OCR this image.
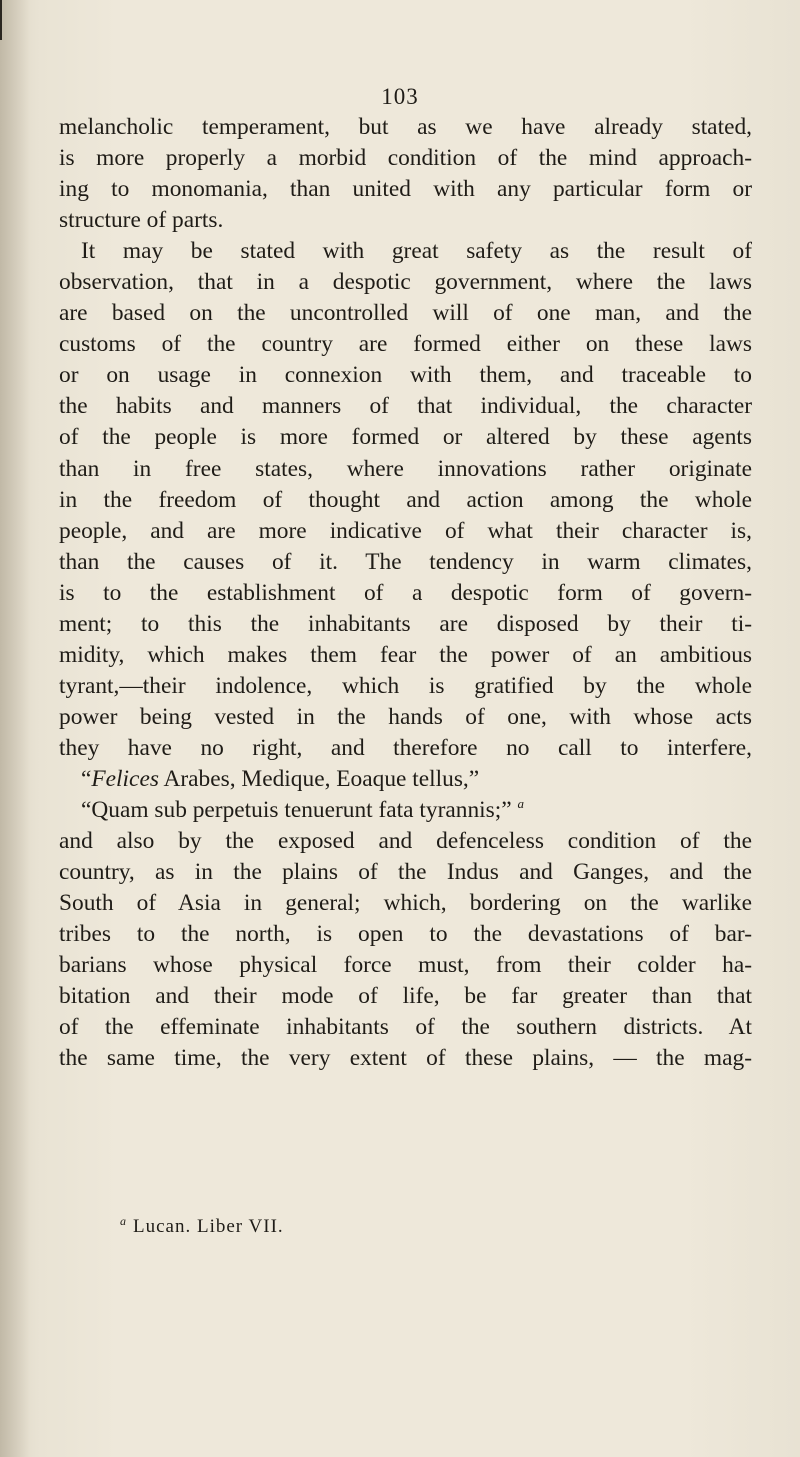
103
melancholic temperament, but as we have already stated,
is more properly a morbid condition of the mind approach-
ing to monomania, than united with any particular form or
structure of parts.
It may be stated with great safety as the result of
observation, that in a despotic government, where the laws
are based on the uncontrolled will of one man, and the
customs of the country are formed either on these laws
or on usage in connexion with them, and traceable to
the habits and manners of that individual, the character
of the people is more formed or altered by these agents
than in free states, where innovations rather originate
in the freedom of thought and action among the whole
people, and are more indicative of what their character is,
than the causes of it. The tendency in warm climates,
is to the establishment of a despotic form of govern-
ment; to this the inhabitants are disposed by their ti-
midity, which makes them fear the power of an ambitious
tyrant,—their indolence, which is gratified by the whole
power being vested in the hands of one, with whose acts
they have no right, and therefore no call to interfere,
“Felices Arabes, Medique, Eoaque tellus,”
“Quam sub perpetuis tenuerunt fata tyrannis;” $^a$
and also by the exposed and defenceless condition of the
country, as in the plains of the Indus and Ganges, and the
South of Asia in general; which, bordering on the warlike
tribes to the north, is open to the devastations of bar-
barians whose physical force must, from their colder ha-
bitation and their mode of life, be far greater than that
of the effeminate inhabitants of the southern districts. At
the same time, the very extent of these plains, — the mag-
$^a$ Lucan. Liber VII.
